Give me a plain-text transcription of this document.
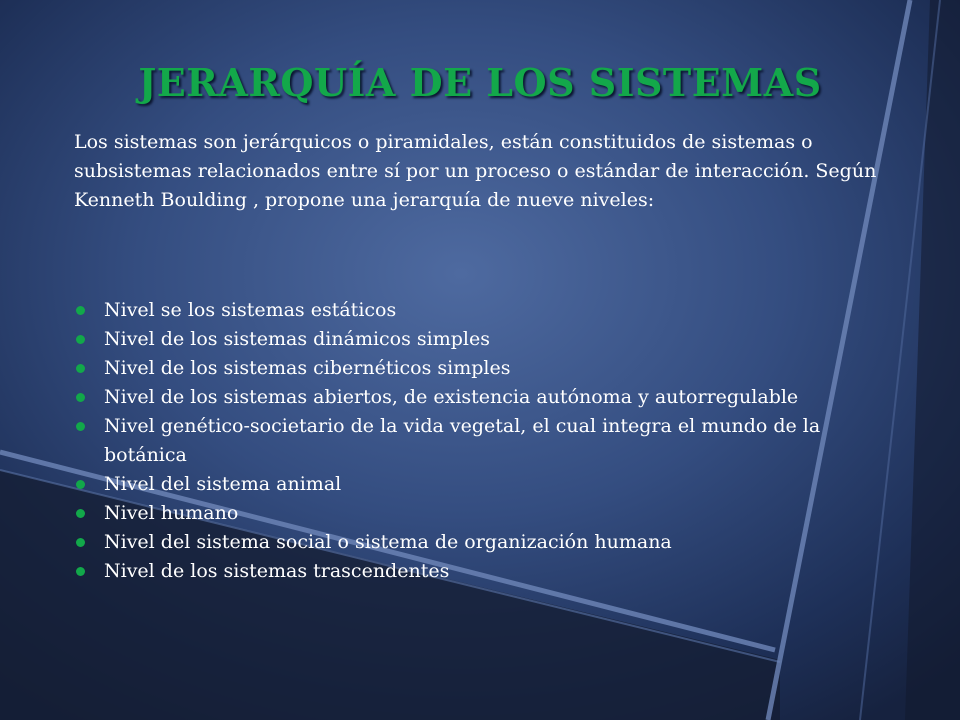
JERARQUÍA DE LOS SISTEMAS

Los sistemas son jerárquicos o piramidales, están constituidos de sistemas o subsistemas relacionados entre sí por un proceso o estándar de interacción. Según Kenneth Boulding , propone una jerarquía de nueve niveles:

Nivel se los sistemas estáticos
Nivel de los sistemas dinámicos simples
Nivel de los sistemas cibernéticos simples
Nivel de los sistemas abiertos, de existencia autónoma y autorregulable
Nivel genético-societario de la vida vegetal, el cual integra el mundo de la botánica
Nivel del sistema animal
Nivel humano
Nivel del sistema social o sistema de organización humana
Nivel de los sistemas trascendentes
